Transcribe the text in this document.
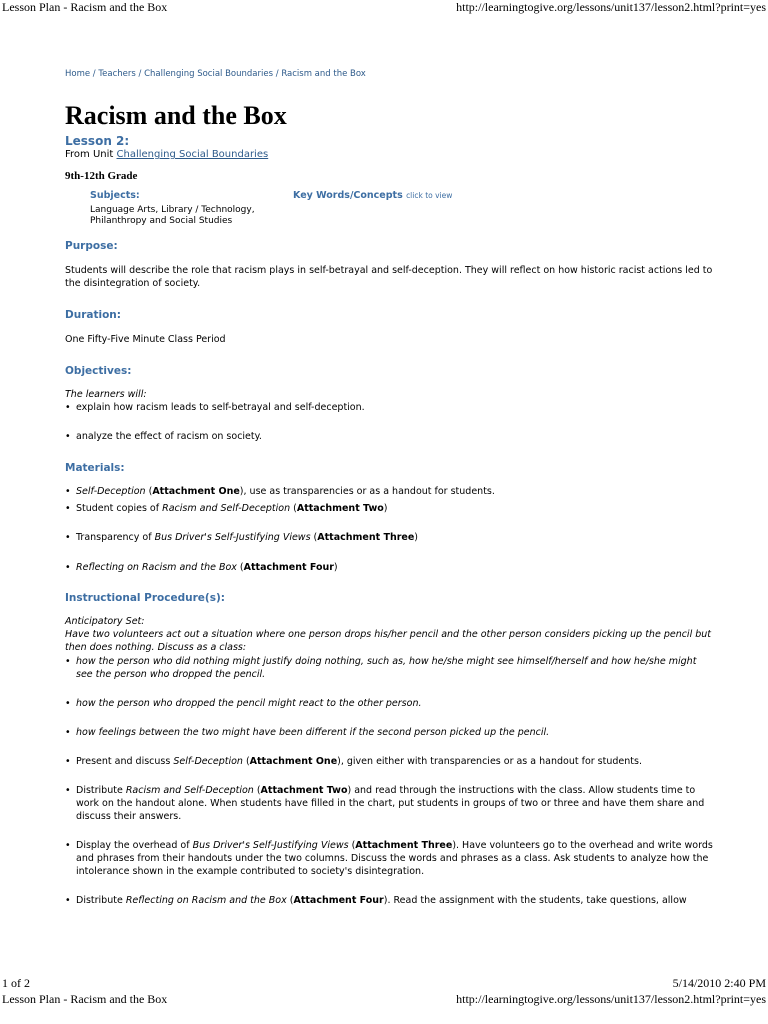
Lesson Plan - Racism and the Box	http://learningtogive.org/lessons/unit137/lesson2.html?print=yes
Home / Teachers / Challenging Social Boundaries / Racism and the Box
Racism and the Box
Lesson 2:
From Unit Challenging Social Boundaries
9th-12th Grade
Subjects:
Language Arts, Library / Technology,
Philanthropy and Social Studies
Key Words/Concepts click to view
Purpose:

Students will describe the role that racism plays in self-betrayal and self-deception. They will reflect on how historic racist actions led to the disintegration of society.

Duration:

One Fifty-Five Minute Class Period

Objectives:

The learners will:

• explain how racism leads to self-betrayal and self-deception.
• analyze the effect of racism on society.
Materials:
• Self-Deception (Attachment One), use as transparencies or as a handout for students.
• Student copies of Racism and Self-Deception (Attachment Two)
• Transparency of Bus Driver's Self-Justifying Views (Attachment Three)
• Reflecting on Racism and the Box (Attachment Four)
Instructional Procedure(s):

Anticipatory Set:

Have two volunteers act out a situation where one person drops his/her pencil and the other person considers picking up the pencil but then does nothing. Discuss as a class:

• how the person who did nothing might justify doing nothing, such as, how he/she might see himself/herself and how he/she might see the person who dropped the pencil.
• how the person who dropped the pencil might react to the other person.
• how feelings between the two might have been different if the second person picked up the pencil.
• Present and discuss Self-Deception (Attachment One), given either with transparencies or as a handout for students.
• Distribute Racism and Self-Deception (Attachment Two) and read through the instructions with the class. Allow students time to work on the handout alone. When students have filled in the chart, put students in groups of two or three and have them share and discuss their answers.
• Display the overhead of Bus Driver's Self-Justifying Views (Attachment Three). Have volunteers go to the overhead and write words and phrases from their handouts under the two columns. Discuss the words and phrases as a class. Ask students to analyze how the intolerance shown in the example contributed to society's disintegration.
• Distribute Reflecting on Racism and the Box (Attachment Four). Read the assignment with the students, take questions, allow
1 of 2	5/14/2010 2:40 PM
Lesson Plan - Racism and the Box	http://learningtogive.org/lessons/unit137/lesson2.html?print=yes
